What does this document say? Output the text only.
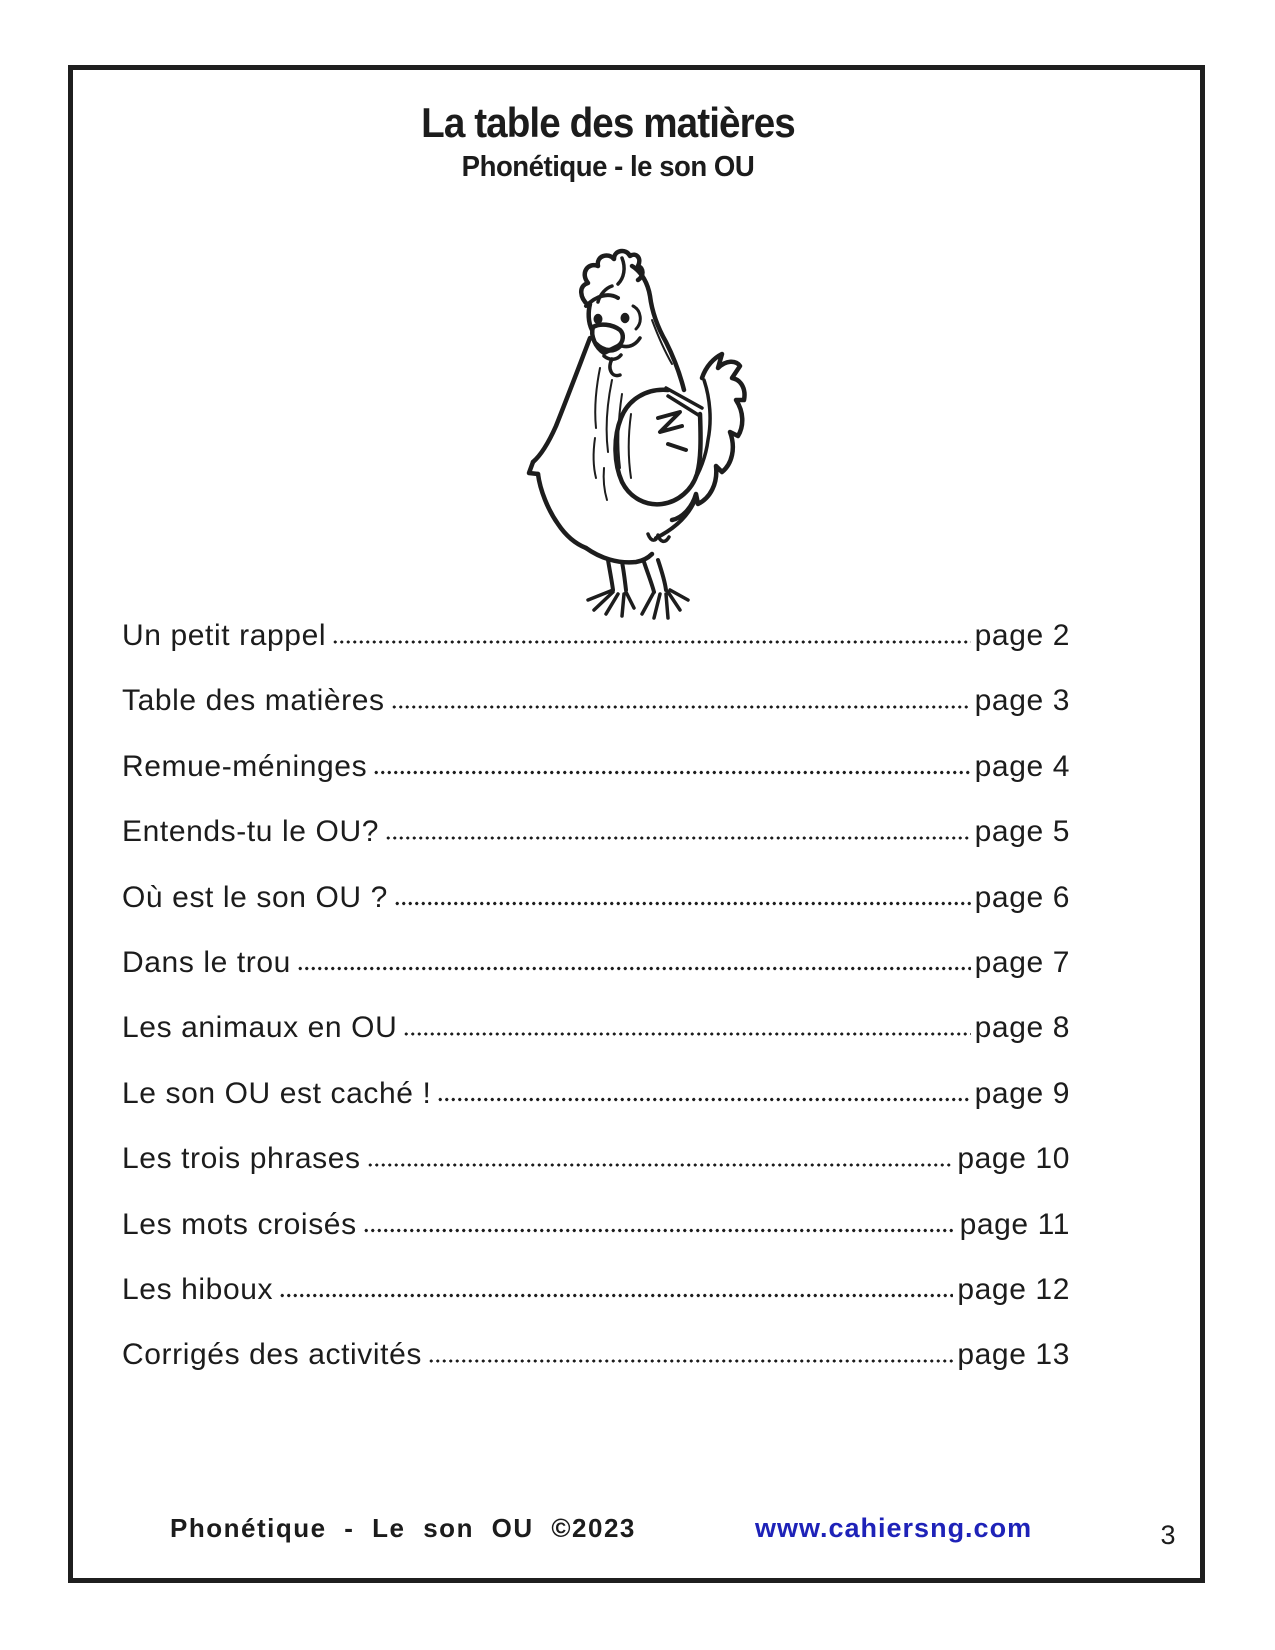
La table des matières
Phonétique - le son OU
Un petit rappel	page 2
Table des matières	page 3
Remue-méninges	page 4
Entends-tu le OU?	page 5
Où est le son OU ?	page 6
Dans le trou	page 7
Les animaux en OU	page 8
Le son OU est caché !	page 9
Les trois phrases	page 10
Les mots croisés	page 11
Les hiboux	page 12
Corrigés des activités	page 13
Phonétique - Le son OU ©2023	www.cahiersng.com	3
